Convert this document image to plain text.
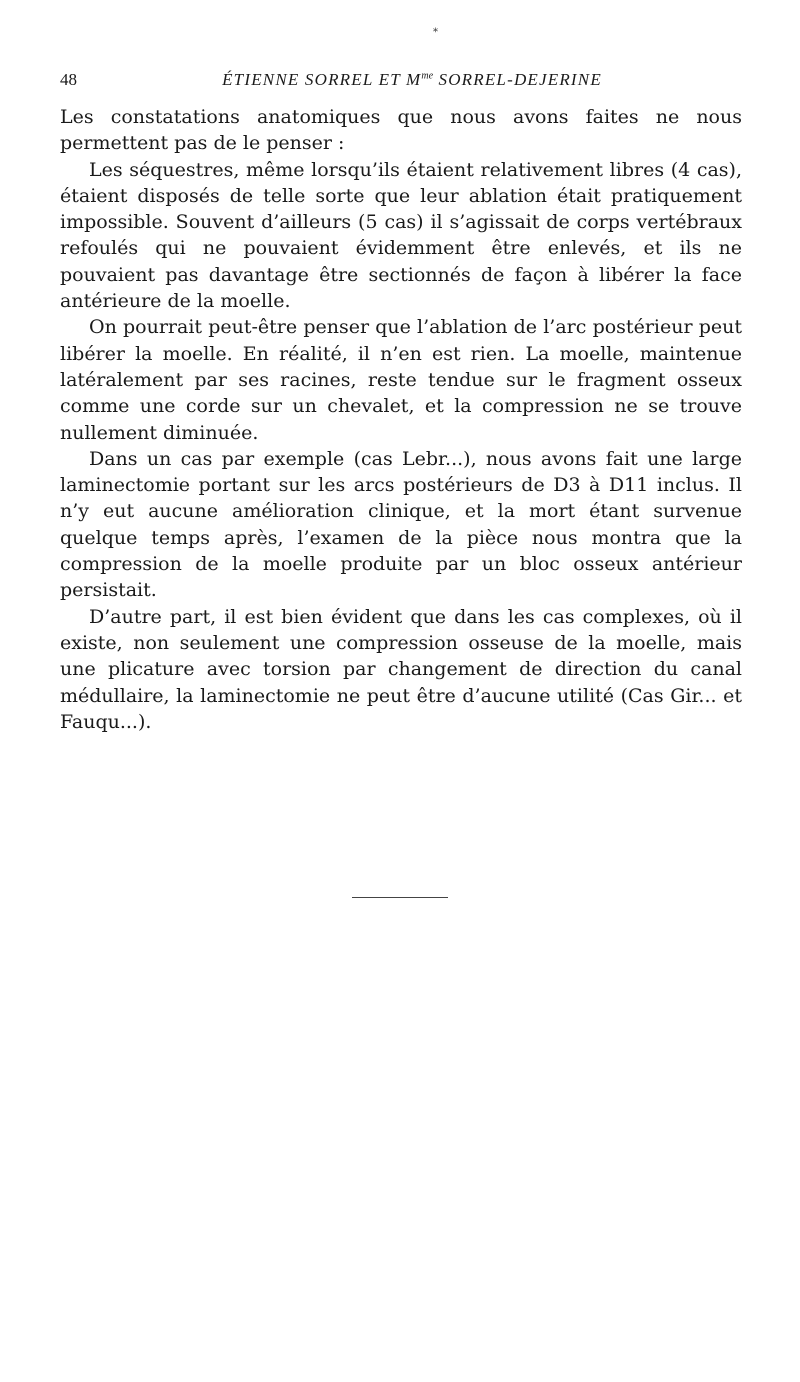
*
48	ÉTIENNE SORREL ET $M^{me}$ SORREL-DEJERINE

Les constatations anatomiques que nous avons faites ne nous permettent pas de le penser :

Les séquestres, même lorsqu’ils étaient relativement libres (4 cas), étaient disposés de telle sorte que leur ablation était pratiquement impossible. Souvent d’ailleurs (5 cas) il s’agissait de corps vertébraux refoulés qui ne pouvaient évidemment être enlevés, et ils ne pouvaient pas davantage être sectionnés de façon à libérer la face antérieure de la moelle.

On pourrait peut-être penser que l’ablation de l’arc postérieur peut libérer la moelle. En réalité, il n’en est rien. La moelle, maintenue latéralement par ses racines, reste tendue sur le fragment osseux comme une corde sur un chevalet, et la compression ne se trouve nullement diminuée.

Dans un cas par exemple (cas Lebr...), nous avons fait une large laminectomie portant sur les arcs postérieurs de D3 à D11 inclus. Il n’y eut aucune amélioration clinique, et la mort étant survenue quelque temps après, l’examen de la pièce nous montra que la compression de la moelle produite par un bloc osseux antérieur persistait.

D’autre part, il est bien évident que dans les cas complexes, où il existe, non seulement une compression osseuse de la moelle, mais une plicature avec torsion par changement de direction du canal médullaire, la laminectomie ne peut être d’aucune utilité (Cas Gir... et Fauqu...).
